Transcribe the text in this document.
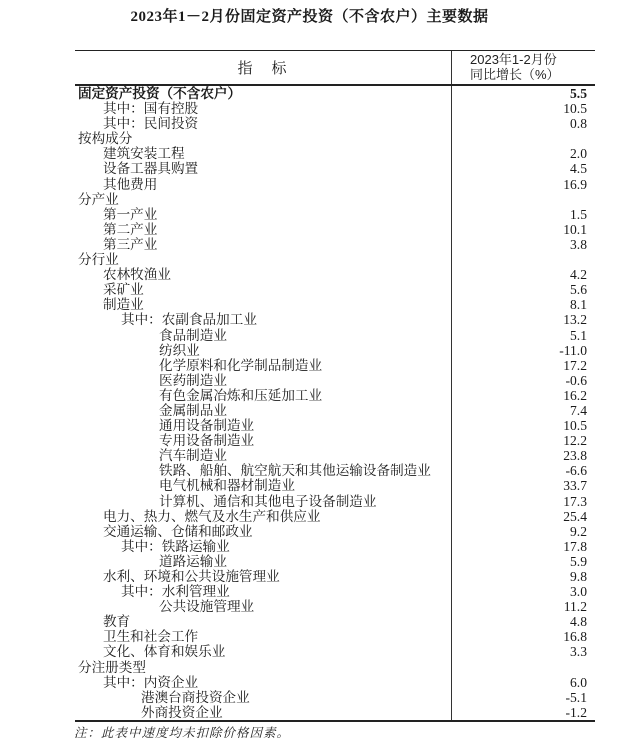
2023年1－2月份固定资产投资（不含农户）主要数据
指　标
2023年1-2月份
同比增长（%）
固定资产投资（不含农户）	5.5
其中：国有控股	10.5
其中：民间投资	0.8
按构成分
建筑安装工程	2.0
设备工器具购置	4.5
其他费用	16.9
分产业
第一产业	1.5
第二产业	10.1
第三产业	3.8
分行业
农林牧渔业	4.2
采矿业	5.6
制造业	8.1
其中：农副食品加工业	13.2
食品制造业	5.1
纺织业	-11.0
化学原料和化学制品制造业	17.2
医药制造业	-0.6
有色金属冶炼和压延加工业	16.2
金属制品业	7.4
通用设备制造业	10.5
专用设备制造业	12.2
汽车制造业	23.8
铁路、船舶、航空航天和其他运输设备制造业	-6.6
电气机械和器材制造业	33.7
计算机、通信和其他电子设备制造业	17.3
电力、热力、燃气及水生产和供应业	25.4
交通运输、仓储和邮政业	9.2
其中：铁路运输业	17.8
道路运输业	5.9
水利、环境和公共设施管理业	9.8
其中：水利管理业	3.0
公共设施管理业	11.2
教育	4.8
卫生和社会工作	16.8
文化、体育和娱乐业	3.3
分注册类型
其中：内资企业	6.0
港澳台商投资企业	-5.1
外商投资企业	-1.2
注：此表中速度均未扣除价格因素。
